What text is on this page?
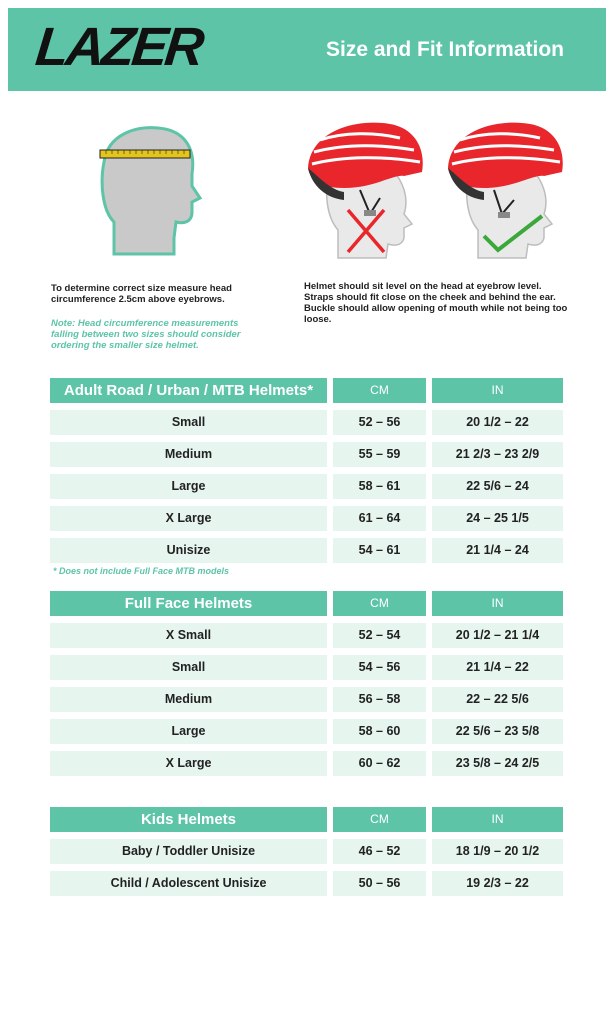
LAZER	Size and Fit Information
To determine correct size measure head circumference 2.5cm above eyebrows.
Note: Head circumference measurements falling between two sizes should consider ordering the smaller size helmet.
Helmet should sit level on the head at eyebrow level. Straps should fit close on the cheek and behind the ear. Buckle should allow opening of mouth while not being too loose.
Adult Road / Urban / MTB Helmets*	CM	IN
Small	52 – 56	20 1/2 – 22
Medium	55 – 59	21 2/3 – 23 2/9
Large	58 – 61	22 5/6 – 24
X Large	61 – 64	24 – 25 1/5
Unisize	54 – 61	21 1/4 – 24
* Does not include Full Face MTB models
Full Face Helmets	CM	IN
X Small	52 – 54	20 1/2 – 21 1/4
Small	54 – 56	21 1/4 – 22
Medium	56 – 58	22 – 22 5/6
Large	58 – 60	22 5/6 – 23 5/8
X Large	60 – 62	23 5/8 – 24 2/5
Kids Helmets	CM	IN
Baby / Toddler Unisize	46 – 52	18 1/9 – 20 1/2
Child / Adolescent Unisize	50 – 56	19 2/3 – 22
